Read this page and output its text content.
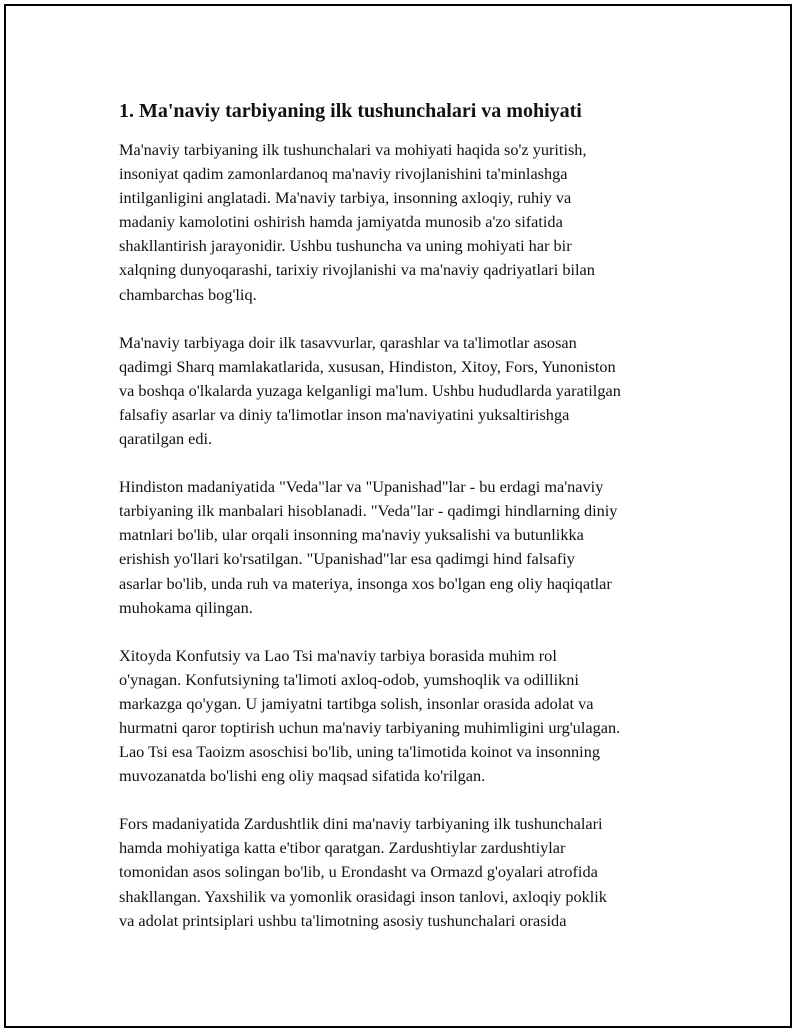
1. Ma'naviy tarbiyaning ilk tushunchalari va mohiyati
Ma'naviy tarbiyaning ilk tushunchalari va mohiyati haqida so'z yuritish,
insoniyat qadim zamonlardanoq ma'naviy rivojlanishini ta'minlashga
intilganligini anglatadi. Ma'naviy tarbiya, insonning axloqiy, ruhiy va
madaniy kamolotini oshirish hamda jamiyatda munosib a'zo sifatida
shakllantirish jarayonidir. Ushbu tushuncha va uning mohiyati har bir
xalqning dunyoqarashi, tarixiy rivojlanishi va ma'naviy qadriyatlari bilan
chambarchas bog'liq.
Ma'naviy tarbiyaga doir ilk tasavvurlar, qarashlar va ta'limotlar asosan
qadimgi Sharq mamlakatlarida, xususan, Hindiston, Xitoy, Fors, Yunoniston
va boshqa o'lkalarda yuzaga kelganligi ma'lum. Ushbu hududlarda yaratilgan
falsafiy asarlar va diniy ta'limotlar inson ma'naviyatini yuksaltirishga
qaratilgan edi.
Hindiston madaniyatida "Veda"lar va "Upanishad"lar - bu erdagi ma'naviy
tarbiyaning ilk manbalari hisoblanadi. "Veda"lar - qadimgi hindlarning diniy
matnlari bo'lib, ular orqali insonning ma'naviy yuksalishi va butunlikka
erishish yo'llari ko'rsatilgan. "Upanishad"lar esa qadimgi hind falsafiy
asarlar bo'lib, unda ruh va materiya, insonga xos bo'lgan eng oliy haqiqatlar
muhokama qilingan.
Xitoyda Konfutsiy va Lao Tsi ma'naviy tarbiya borasida muhim rol
o'ynagan. Konfutsiyning ta'limoti axloq-odob, yumshoqlik va odillikni
markazga qo'ygan. U jamiyatni tartibga solish, insonlar orasida adolat va
hurmatni qaror toptirish uchun ma'naviy tarbiyaning muhimligini urg'ulagan.
Lao Tsi esa Taoizm asoschisi bo'lib, uning ta'limotida koinot va insonning
muvozanatda bo'lishi eng oliy maqsad sifatida ko'rilgan.
Fors madaniyatida Zardushtlik dini ma'naviy tarbiyaning ilk tushunchalari
hamda mohiyatiga katta e'tibor qaratgan. Zardushtiylar zardushtiylar
tomonidan asos solingan bo'lib, u Erondasht va Ormazd g'oyalari atrofida
shakllangan. Yaxshilik va yomonlik orasidagi inson tanlovi, axloqiy poklik
va adolat printsiplari ushbu ta'limotning asosiy tushunchalari orasida
